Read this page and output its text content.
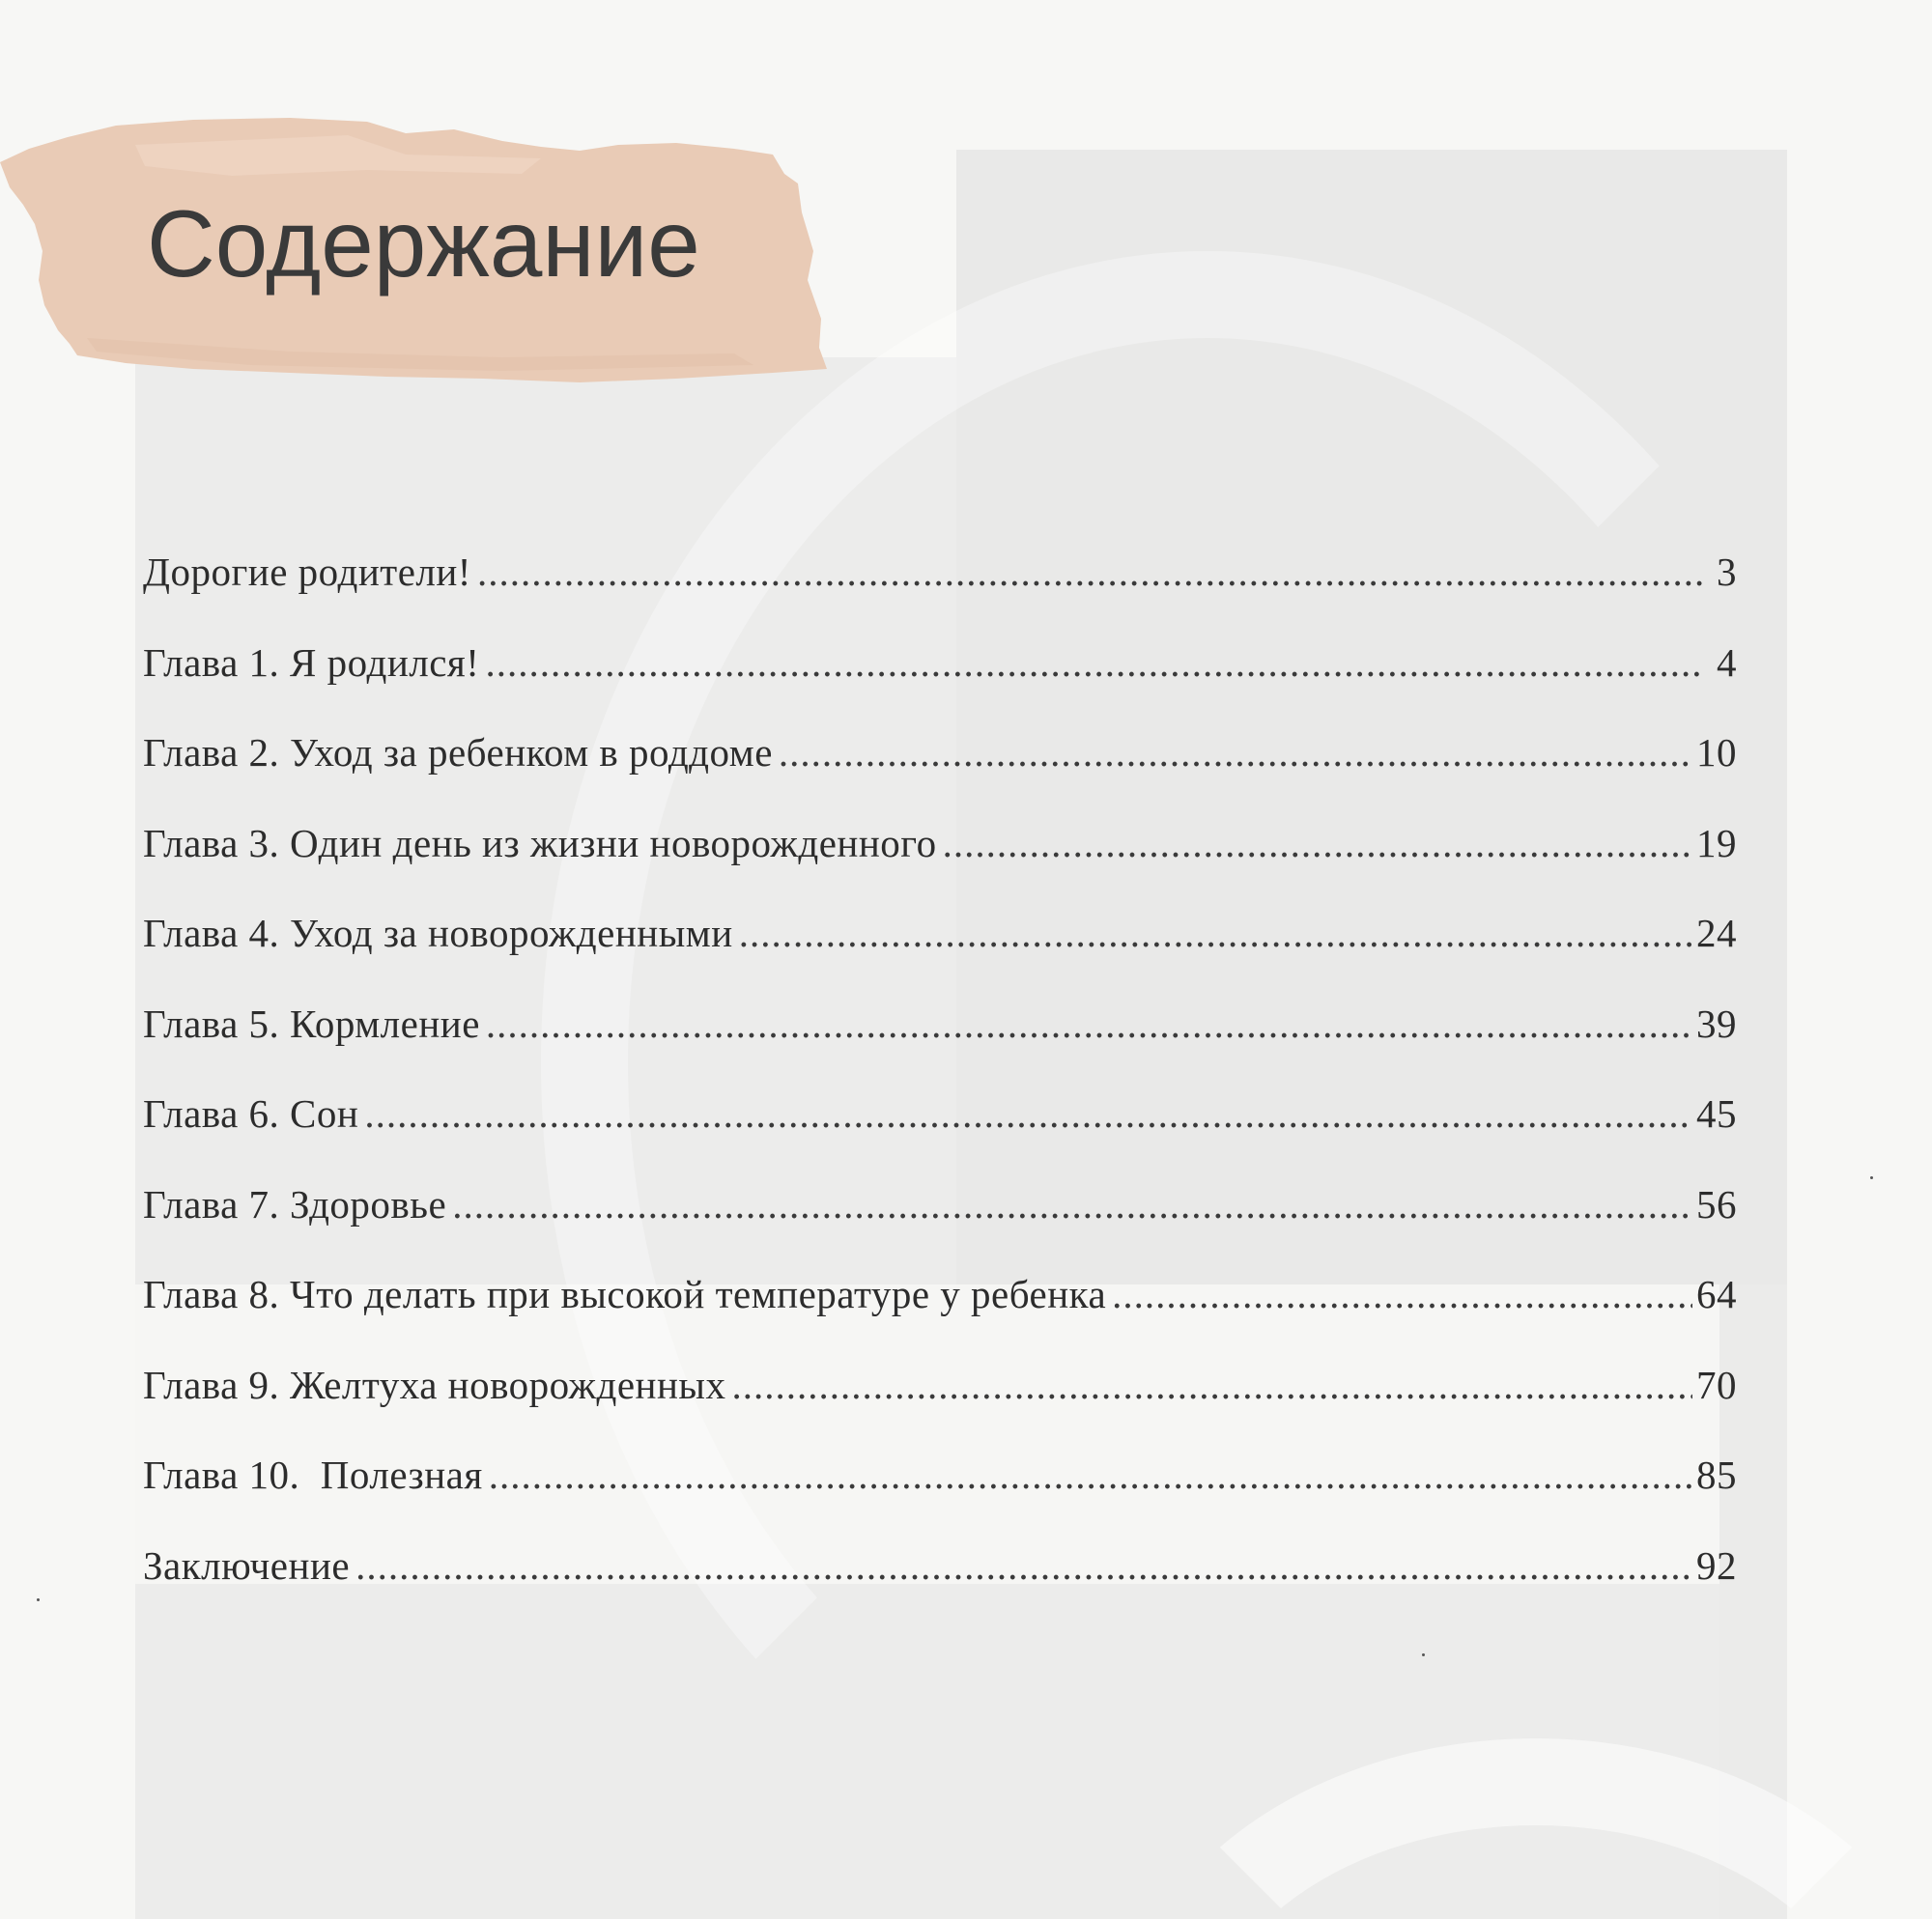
Содержание
Дорогие родители! .....	3
Глава 1. Я родился! .....	4
Глава 2. Уход за ребенком в роддоме .....	10
Глава 3. Один день из жизни новорожденного .....	19
Глава 4. Уход за новорожденными .....	24
Глава 5. Кормление .....	39
Глава 6. Сон .....	45
Глава 7. Здоровье .....	56
Глава 8. Что делать при высокой температуре у ребенка .....	64
Глава 9. Желтуха новорожденных .....	70
Глава 10.  Полезная .....	85
Заключение .....	92
